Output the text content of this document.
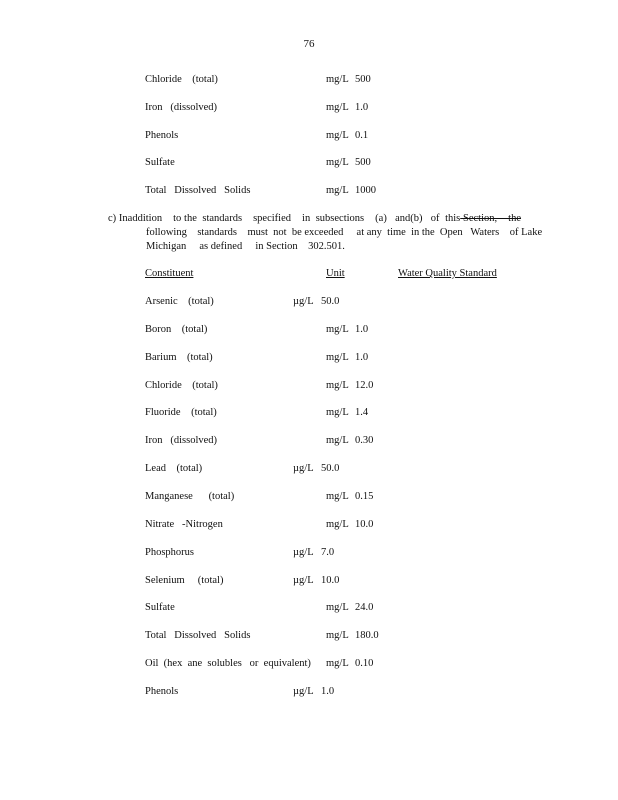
76
Chloride    (total)	mg/L 500
Iron   (dissolved)	mg/L 1.0
Phenols	mg/L 0.1
Sulfate	mg/L 500
Total   Dissolved   Solids	mg/L 1000
c) Inaddition    to the  standards    specified    in  subsections    (a)   and(b)   of  this Section,    the
following    standards    must  not  be exceeded     at any  time  in the  Open   Waters    of Lake
Michigan     as defined     in Section    302.501.
Constituent	Unit	Water Quality Standard
Arsenic    (total)	µg/L 50.0
Boron    (total)	mg/L 1.0
Barium    (total)	mg/L 1.0
Chloride    (total)	mg/L 12.0
Fluoride    (total)	mg/L 1.4
Iron   (dissolved)	mg/L 0.30
Lead    (total)	µg/L 50.0
Manganese      (total)	mg/L 0.15
Nitrate   -Nitrogen	mg/L 10.0
Phosphorus	µg/L 7.0
Selenium     (total)	µg/L 10.0
Sulfate	mg/L 24.0
Total   Dissolved   Solids	mg/L 180.0
Oil  (hex  ane  solubles   or  equivalent) mg/L 0.10
Phenols	µg/L 1.0
